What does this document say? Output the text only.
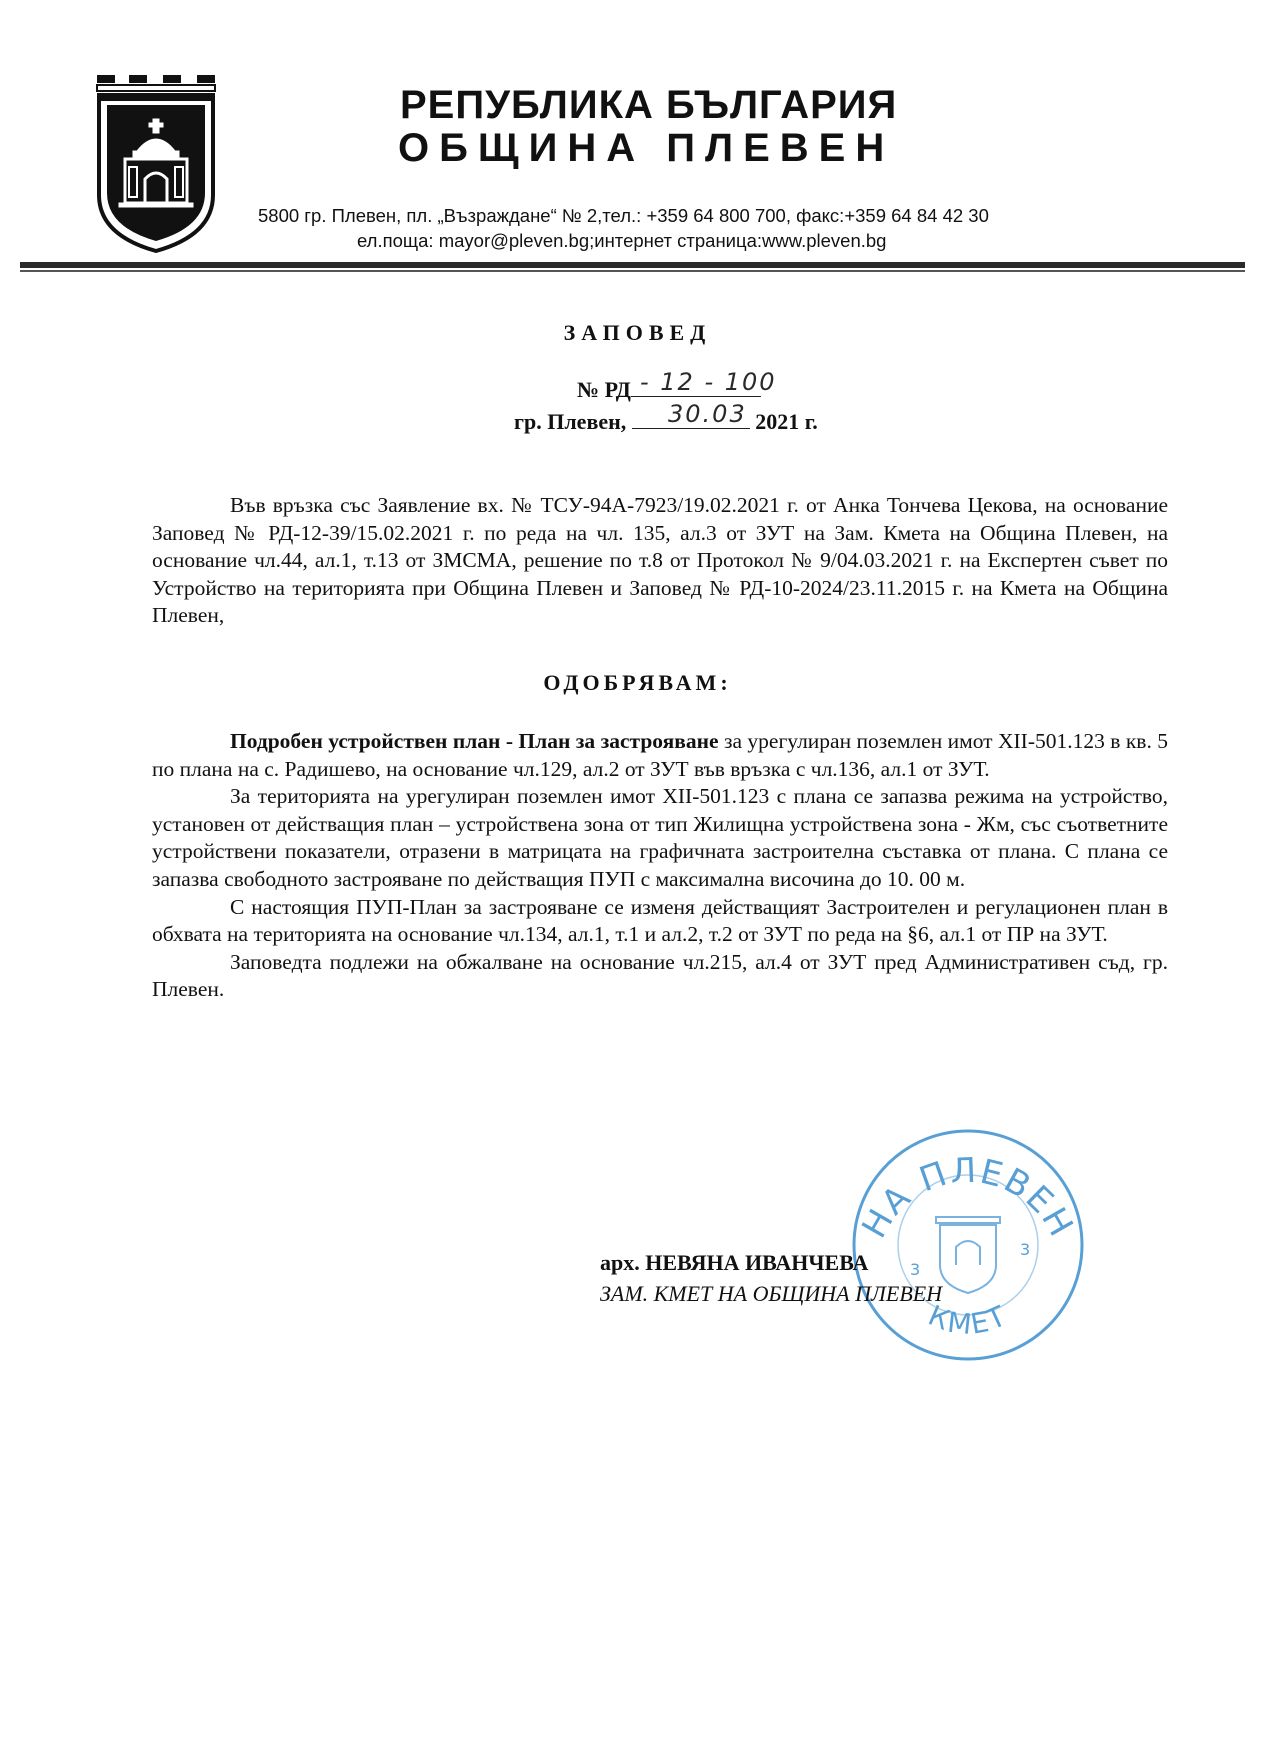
РЕПУБЛИКА БЪЛГАРИЯ
ОБЩИНА ПЛЕВЕН
5800 гр. Плевен, пл. „Възраждане“ № 2,тел.: +359 64 800 700, факс:+359 64 84 42 30
ел.поща: mayor@pleven.bg;интернет страница:www.pleven.bg
ЗАПОВЕД
№ РД - 12 - 100
гр. Плевен,	2021 г.
30.03

Във връзка със Заявление вх. № ТСУ-94А-7923/19.02.2021 г. от Анка Тончева Цекова, на основание Заповед № РД-12-39/15.02.2021 г. по реда на чл. 135, ал.3 от ЗУТ на Зам. Кмета на Община Плевен, на основание чл.44, ал.1, т.13 от ЗМСМА, решение по т.8 от Протокол № 9/04.03.2021 г. на Експертен съвет по Устройство на територията при Община Плевен и Заповед № РД-10-2024/23.11.2015 г. на Кмета на Община Плевен,

ОДОБРЯВАМ:

Подробен устройствен план - План за застрояване за урегулиран поземлен имот XII-501.123 в кв. 5 по плана на с. Радишево, на основание чл.129, ал.2 от ЗУТ във връзка с чл.136, ал.1 от ЗУТ.

За територията на урегулиран поземлен имот XII-501.123 с плана се запазва режима на устройство, установен от действащия план – устройствена зона от тип Жилищна устройствена зона - Жм, със съответните устройствени показатели, отразени в матрицата на графичната застроителна съставка от плана. С плана се запазва свободното застрояване по действащия ПУП с максимална височина до 10. 00 м.

С настоящия ПУП-План за застрояване се изменя действащият Застроителен и регулационен план в обхвата на територията на основание чл.134, ал.1, т.1 и ал.2, т.2 от ЗУТ по реда на §6, ал.1 от ПР на ЗУТ.

Заповедта подлежи на обжалване на основание чл.215, ал.4 от ЗУТ пред Административен съд, гр. Плевен.

НА ПЛЕВЕН
КМЕТ
3
3
арх. НЕВЯНА ИВАНЧЕВА
ЗАМ. КМЕТ НА ОБЩИНА ПЛЕВЕН
